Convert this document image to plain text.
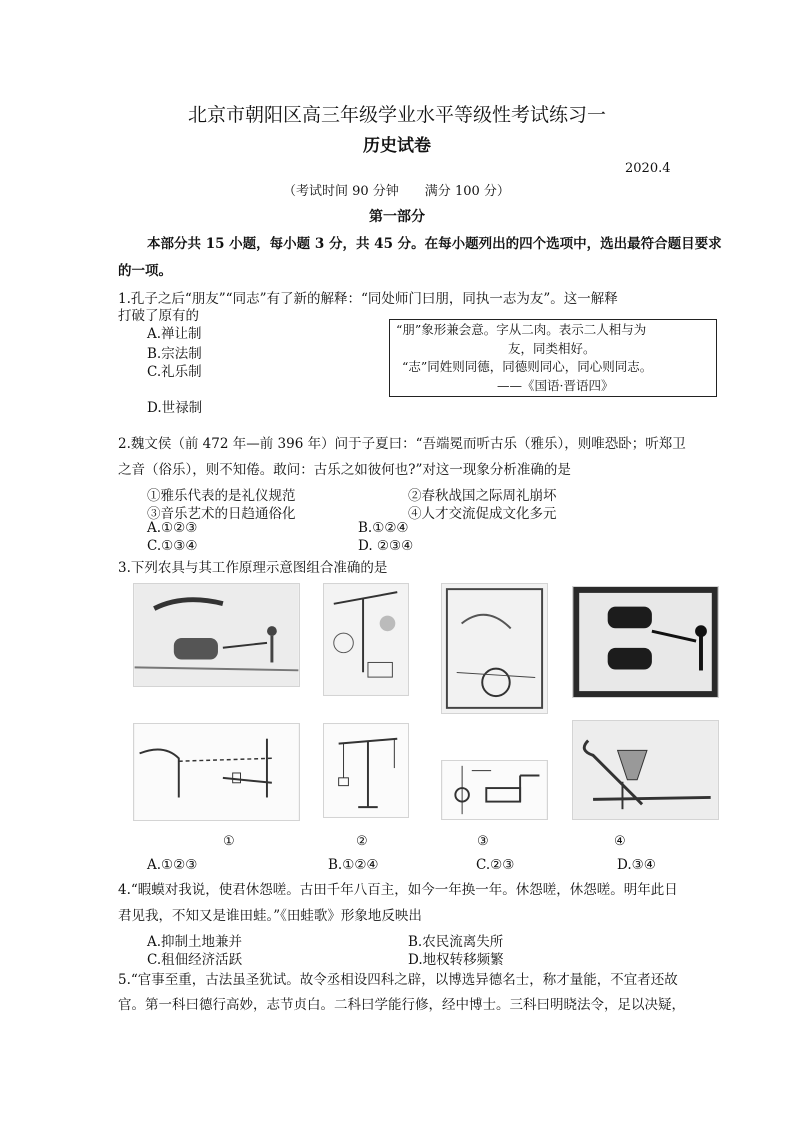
北京市朝阳区高三年级学业水平等级性考试练习一
历史试卷
2020.4
（考试时间 90 分钟　　满分 100 分）
第一部分
本部分共 15 小题，每小题 3 分，共 45 分。在每小题列出的四个选项中，选出最符合题目要求
的一项。
1.孔子之后“朋友”“同志”有了新的解释：“同处师门曰朋，同执一志为友”。这一解释
打破了原有的
A.禅让制
B.宗法制
C.礼乐制
D.世禄制
“朋”象形兼会意。字从二肉。表示二人相与为
友，同类相好。
“志”同姓则同德，同德则同心，同心则同志。
——《国语·晋语四》
2.魏文侯（前 472 年—前 396 年）问于子夏曰：“吾端冕而听古乐（雅乐），则唯恐卧；听郑卫
之音（俗乐），则不知倦。敢问：古乐之如彼何也?”对这一现象分析准确的是
①雅乐代表的是礼仪规范	②春秋战国之际周礼崩坏
③音乐艺术的日趋通俗化	④人才交流促成文化多元
A.①②③	B.①②④
C.①③④	D. ②③④
3.下列农具与其工作原理示意图组合准确的是
①	②	③	④
A.①②③	B.①②④	C.②③	D.③④
4.“暇蟆对我说，使君休怨嗟。古田千年八百主，如今一年换一年。休怨嗟，休怨嗟。明年此日
君见我，不知又是谁田蛙。”《田蛙歌》形象地反映出
A.抑制土地兼并	B.农民流离失所
C.租佃经济活跃	D.地权转移频繁
5.“官事至重，古法虽圣犹试。故令丞相设四科之辟，以博选异德名士，称才量能，不宜者还故
官。第一科曰德行高妙，志节贞白。二科曰学能行修，经中博士。三科曰明晓法令，足以决疑，
